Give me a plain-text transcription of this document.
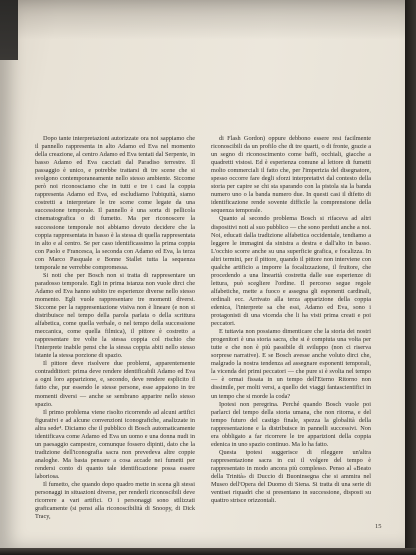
Dopo tante interpretazioni autorizzate ora noi sappiamo che il pannello rappresenta in alto Adamo ed Eva nel momento della creazione, al centro Adamo ed Eva tentati dal Serpente, in basso Adamo ed Eva cacciati dal Paradiso terrestre. Il passaggio è unico, e potrebbe trattarsi di tre scene che si svolgono contemporaneamente nello stesso ambiente. Siccome però noi riconosciamo che in tutti e tre i casi la coppia rappresenta Adamo ed Eva, ed escludiamo l'ubiquità, siamo costretti a interpretare le tre scene come legate da una successione temporale. Il pannello è una sorta di pellicola cinematografica o di fumetto. Ma per riconoscere la successione temporale noi abbiamo dovuto decidere che la coppia rappresentata in basso è la stessa di quella rappresentata in alto e al centro. Se per caso identificassimo la prima coppia con Paolo e Francesca, la seconda con Adamo ed Eva, la terza con Marco Pasquale e Bonne Stallet tutta la sequenza temporale ne verrebbe compromessa.

Si noti che per Bosch non si tratta di rappresentare un paradosso temporale. Egli in prima istanza non vuole dirci che Adamo ed Eva hanno subito tre esperienze diverse nello stesso momento. Egli vuole rappresentare tre momenti diversi. Siccome per la rappresentazione visiva non è lineare (e non si distribuisce nel tempo della parola parlata o della scrittura alfabetica, come quella verbale, o nel tempo della successione meccanica, come quella filmica), il pittore è costretto a rappresentare tre volte la stessa coppia col rischio che l'interprete inabile pensi che la stessa coppia abiti nello stesso istante la stessa porzione di spazio.

Il pittore deve risolvere due problemi, apparentemente contraddittori: prima deve rendere identificabili Adamo ed Eva a ogni loro apparizione, e, secondo, deve rendere esplicito il fatto che, pur essendo le stesse persone, esse appaiono in tre momenti diversi — anche se sembrano apparire nello stesso spazio.

Il primo problema viene risolto ricorrendo ad alcuni artifici figurativi e ad alcune convenzioni iconografiche, analizzate in altra sede⁴. Diciamo che il pubblico di Bosch automaticamente identificava come Adamo ed Eva un uomo e una donna nudi in un paesaggio campestre, comunque fossero dipinti, dato che la tradizione dell'iconografia sacra non prevedeva altre coppie analoghe. Ma basta pensare a cosa accade nei fumetti per rendersi conto di quanto tale identificazione possa essere laboriosa.

Il fumetto, che quando dopo quadro mette in scena gli stessi personaggi in situazioni diverse, per renderli riconoscibili deve ricorrere a vari artifici. O i personaggi sono stilizzati graficamente (si pensi alla riconoscibilità di Snoopy, di Dick Tracy,

di Flash Gordon) oppure debbono essere resi facilmente riconoscibili da un profilo che di tre quarti, o di fronte, grazie a un segno di riconoscimento come baffi, occhiali, giacche a quadretti vistosi. Ed è esperienza comune al lettore di fumetti molto commerciali il fatto che, per l'imperizia del disegnatore, spesso occorre fare degli sforzi interpretativi dal contesto della storia per capire se chi sta sparando con la pistola sia la banda numero uno o la banda numero due. In questi casi il difetto di identificazione rende sovente difficile la comprensione della sequenza temporale.

Quanto al secondo problema Bosch si rifaceva ad altri dispositivi noti al suo pubblico — che sono perduti anche a noi. Noi, educati dalla tradizione alfabetica occidentale, tendiamo a leggere le immagini da sinistra a destra e dall'alto in basso. L'occhio scorre anche su una superficie grafica, e focalizza. In altri termini, per il pittore, quando il pittore non interviene con qualche artificio a imporre la focalizzazione, il fruitore, che procedendo a una linearità costretta dalle sue esperienze di lettura, può scegliere l'ordine. Il percorso segue regole alfabetiche, mette a fuoco e assegna gli esponenti cardinali, ordinali ecc. Arrivato alla terza apparizione della coppia edenica, l'interprete sa che essi, Adamo ed Eva, sono i protagonisti di una vicenda che li ha visti prima creati e poi peccatori.

E tuttavia non possiamo dimenticare che la storia dei nostri progenitori è una storia sacra, che si è compiuta una volta per tutte e che non è più passibile di sviluppo (non ci riserva sorprese narrative). E se Bosch avesse anche voluto dirci che, malgrado la nostra tendenza ad assegnare esponenti temporali, la vicenda dei primi peccatori — che pure si è svolta nel tempo — è ormai fissata in un tempo dell'Eterno Ritorno non dissimile, per molti versi, a quello dei viaggi fantascientifici in un tempo che si morde la coda?

Ipotesi non peregrina. Perché quando Bosch vuole poi parlarci del tempo della storia umana, che non ritorna, e del tempo futuro del castigo finale, spezza la globalità della rappresentazione e la distribuisce in pannelli successivi. Non era obbligato a far ricorrere le tre apparizioni della coppia edenica in uno spazio continuo. Ma lo ha fatto.

Questa ipotesi suggerisce di rileggere un'altra rappresentazione sacra in cui il volgere del tempo è rappresentato in modo ancora più complesso. Penso al «Beato della Trinità» di Duccio di Buoninsegna che si ammira nel Museo dell'Opera del Duomo di Siena. Si tratta di una serie di ventisei riquadri che si presentano in successione, disposti su quattro strisce orizzontali.

15
